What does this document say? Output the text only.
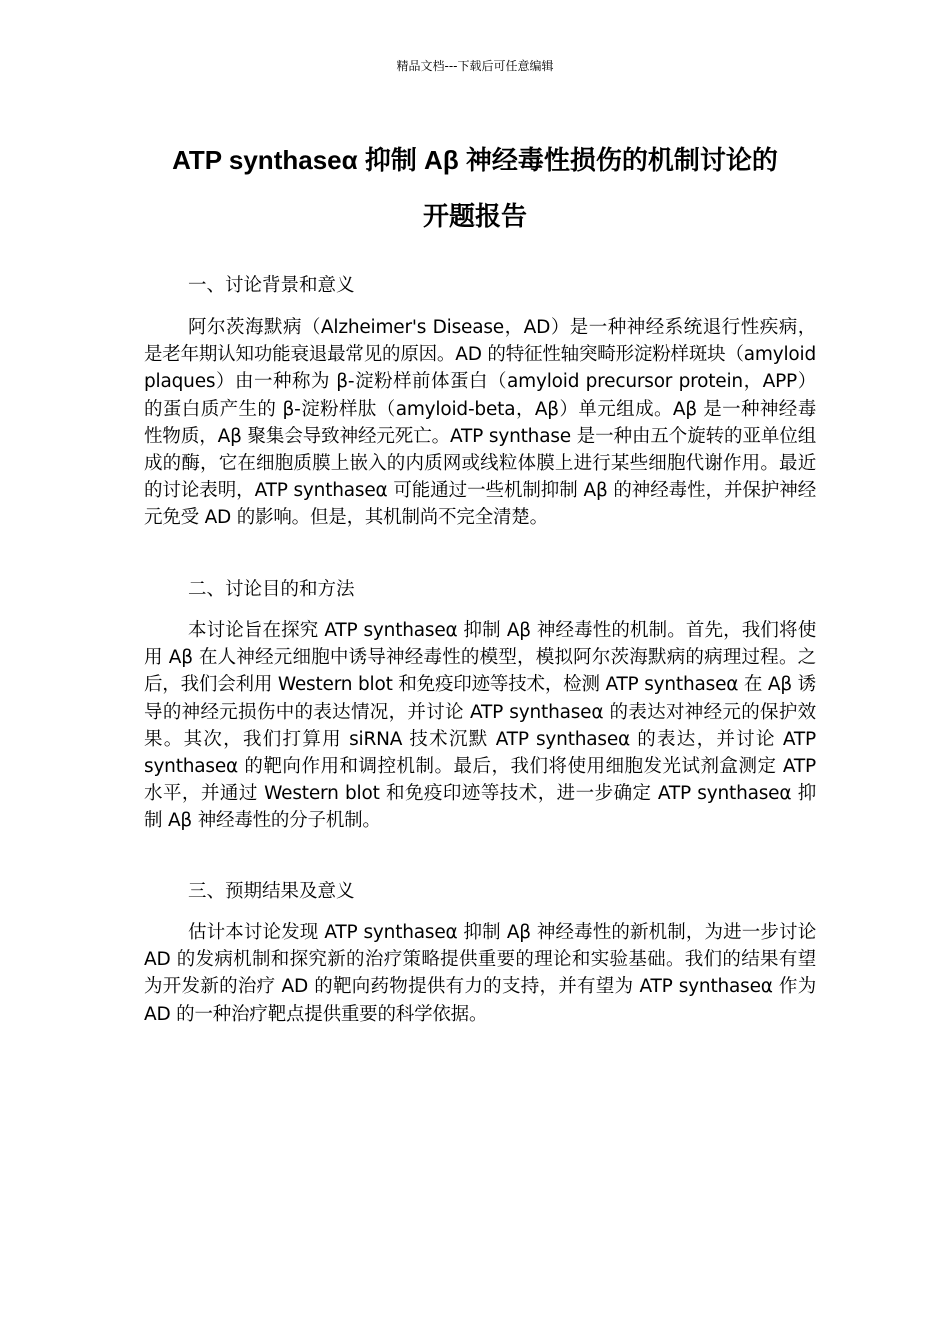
精品文档---下载后可任意编辑
ATP synthaseα 抑制 Aβ 神经毒性损伤的机制讨论的
开题报告
一、讨论背景和意义

阿尔茨海默病（Alzheimer's Disease，AD）是一种神经系统退行性疾病，是老年期认知功能衰退最常见的原因。AD 的特征性轴突畸形淀粉样斑块（amyloid plaques）由一种称为 β-淀粉样前体蛋白（amyloid precursor protein，APP）的蛋白质产生的 β-淀粉样肽（amyloid-beta，Aβ）单元组成。Aβ 是一种神经毒性物质，Aβ 聚集会导致神经元死亡。ATP synthase 是一种由五个旋转的亚单位组成的酶，它在细胞质膜上嵌入的内质网或线粒体膜上进行某些细胞代谢作用。最近的讨论表明，ATP synthaseα 可能通过一些机制抑制 Aβ 的神经毒性，并保护神经元免受 AD 的影响。但是，其机制尚不完全清楚。

二、讨论目的和方法

本讨论旨在探究 ATP synthaseα 抑制 Aβ 神经毒性的机制。首先，我们将使用 Aβ 在人神经元细胞中诱导神经毒性的模型，模拟阿尔茨海默病的病理过程。之后，我们会利用 Western blot 和免疫印迹等技术，检测 ATP synthaseα 在 Aβ 诱导的神经元损伤中的表达情况，并讨论 ATP synthaseα 的表达对神经元的保护效果。其次，我们打算用 siRNA 技术沉默 ATP synthaseα 的表达，并讨论 ATP synthaseα 的靶向作用和调控机制。最后，我们将使用细胞发光试剂盒测定 ATP 水平，并通过 Western blot 和免疫印迹等技术，进一步确定 ATP synthaseα 抑制 Aβ 神经毒性的分子机制。

三、预期结果及意义

估计本讨论发现 ATP synthaseα 抑制 Aβ 神经毒性的新机制，为进一步讨论 AD 的发病机制和探究新的治疗策略提供重要的理论和实验基础。我们的结果有望为开发新的治疗 AD 的靶向药物提供有力的支持，并有望为 ATP synthaseα 作为 AD 的一种治疗靶点提供重要的科学依据。
